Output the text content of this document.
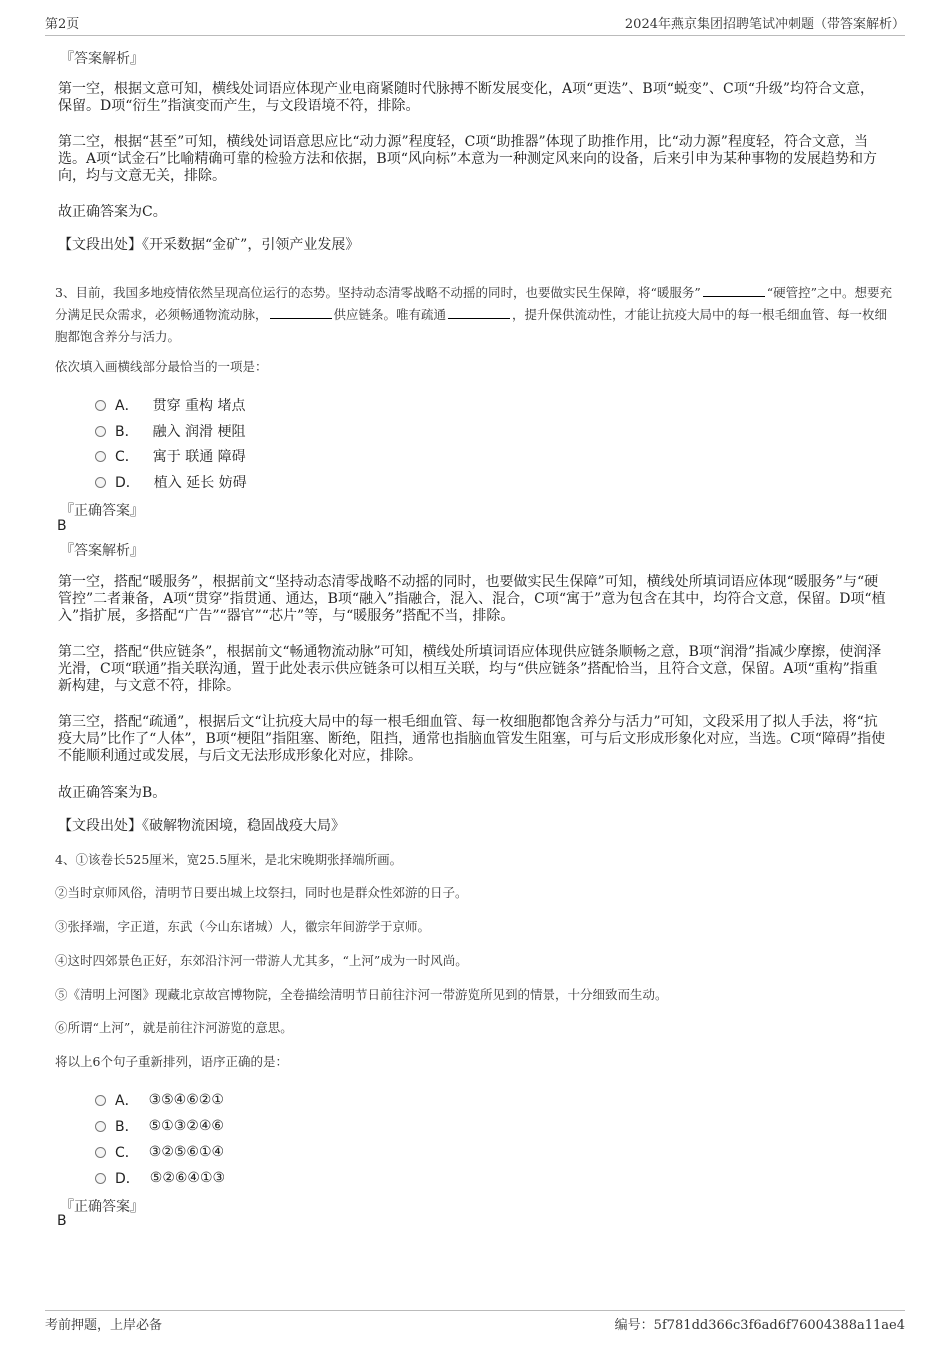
第2页	2024年燕京集团招聘笔试冲刺题（带答案解析）
『答案解析』
第一空，根据文意可知，横线处词语应体现产业电商紧随时代脉搏不断发展变化，A项“更迭”、B项“蜕变”、C项“升级”均符合文意，保留。D项“衍生”指演变而产生，与文段语境不符，排除。
第二空，根据“甚至”可知，横线处词语意思应比“动力源”程度轻，C项“助推器”体现了助推作用，比“动力源”程度轻，符合文意，当选。A项“试金石”比喻精确可靠的检验方法和依据，B项“风向标”本意为一种测定风来向的设备，后来引申为某种事物的发展趋势和方向，均与文意无关，排除。
故正确答案为C。
【文段出处】《开采数据“金矿”，引领产业发展》
3、目前，我国多地疫情依然呈现高位运行的态势。坚持动态清零战略不动摇的同时，也要做实民生保障，将“暖服务”	“硬管控”之中。想要充分满足民众需求，必须畅通物流动脉，	供应链条。唯有疏通	，提升保供流动性，才能让抗疫大局中的每一根毛细血管、每一枚细胞都饱含养分与活力。
依次填入画横线部分最恰当的一项是：
A． 贯穿 重构 堵点
B． 融入 润滑 梗阻
C． 寓于 联通 障碍
D． 植入 延长 妨碍
『正确答案』
B
『答案解析』
第一空，搭配“暖服务”，根据前文“坚持动态清零战略不动摇的同时，也要做实民生保障”可知，横线处所填词语应体现“暖服务”与“硬管控”二者兼备，A项“贯穿”指贯通、通达，B项“融入”指融合，混入、混合，C项“寓于”意为包含在其中，均符合文意，保留。D项“植入”指扩展，多搭配“广告”“器官”“芯片”等，与“暖服务”搭配不当，排除。
第二空，搭配“供应链条”，根据前文“畅通物流动脉”可知，横线处所填词语应体现供应链条顺畅之意，B项“润滑”指减少摩擦，使润泽光滑，C项“联通”指关联沟通，置于此处表示供应链条可以相互关联，均与“供应链条”搭配恰当，且符合文意，保留。A项“重构”指重新构建，与文意不符，排除。
第三空，搭配“疏通”，根据后文“让抗疫大局中的每一根毛细血管、每一枚细胞都饱含养分与活力”可知，文段采用了拟人手法，将“抗疫大局”比作了“人体”，B项“梗阻”指阻塞、断绝，阻挡，通常也指脑血管发生阻塞，可与后文形成形象化对应，当选。C项“障碍”指使不能顺利通过或发展，与后文无法形成形象化对应，排除。
故正确答案为B。
【文段出处】《破解物流困境，稳固战疫大局》
4、①该卷长525厘米，宽25.5厘米，是北宋晚期张择端所画。
②当时京师风俗，清明节日要出城上坟祭扫，同时也是群众性郊游的日子。
③张择端，字正道，东武（今山东诸城）人，徽宗年间游学于京师。
④这时四郊景色正好，东郊沿汴河一带游人尤其多，“上河”成为一时风尚。
⑤《清明上河图》现藏北京故宫博物院，全卷描绘清明节日前往汴河一带游览所见到的情景，十分细致而生动。
⑥所谓“上河”，就是前往汴河游览的意思。
将以上6个句子重新排列，语序正确的是：
A． ③⑤④⑥②①
B． ⑤①③②④⑥
C． ③②⑤⑥①④
D． ⑤②⑥④①③
『正确答案』
B
考前押题，上岸必备	编号：5f781dd366c3f6ad6f76004388a11ae4
